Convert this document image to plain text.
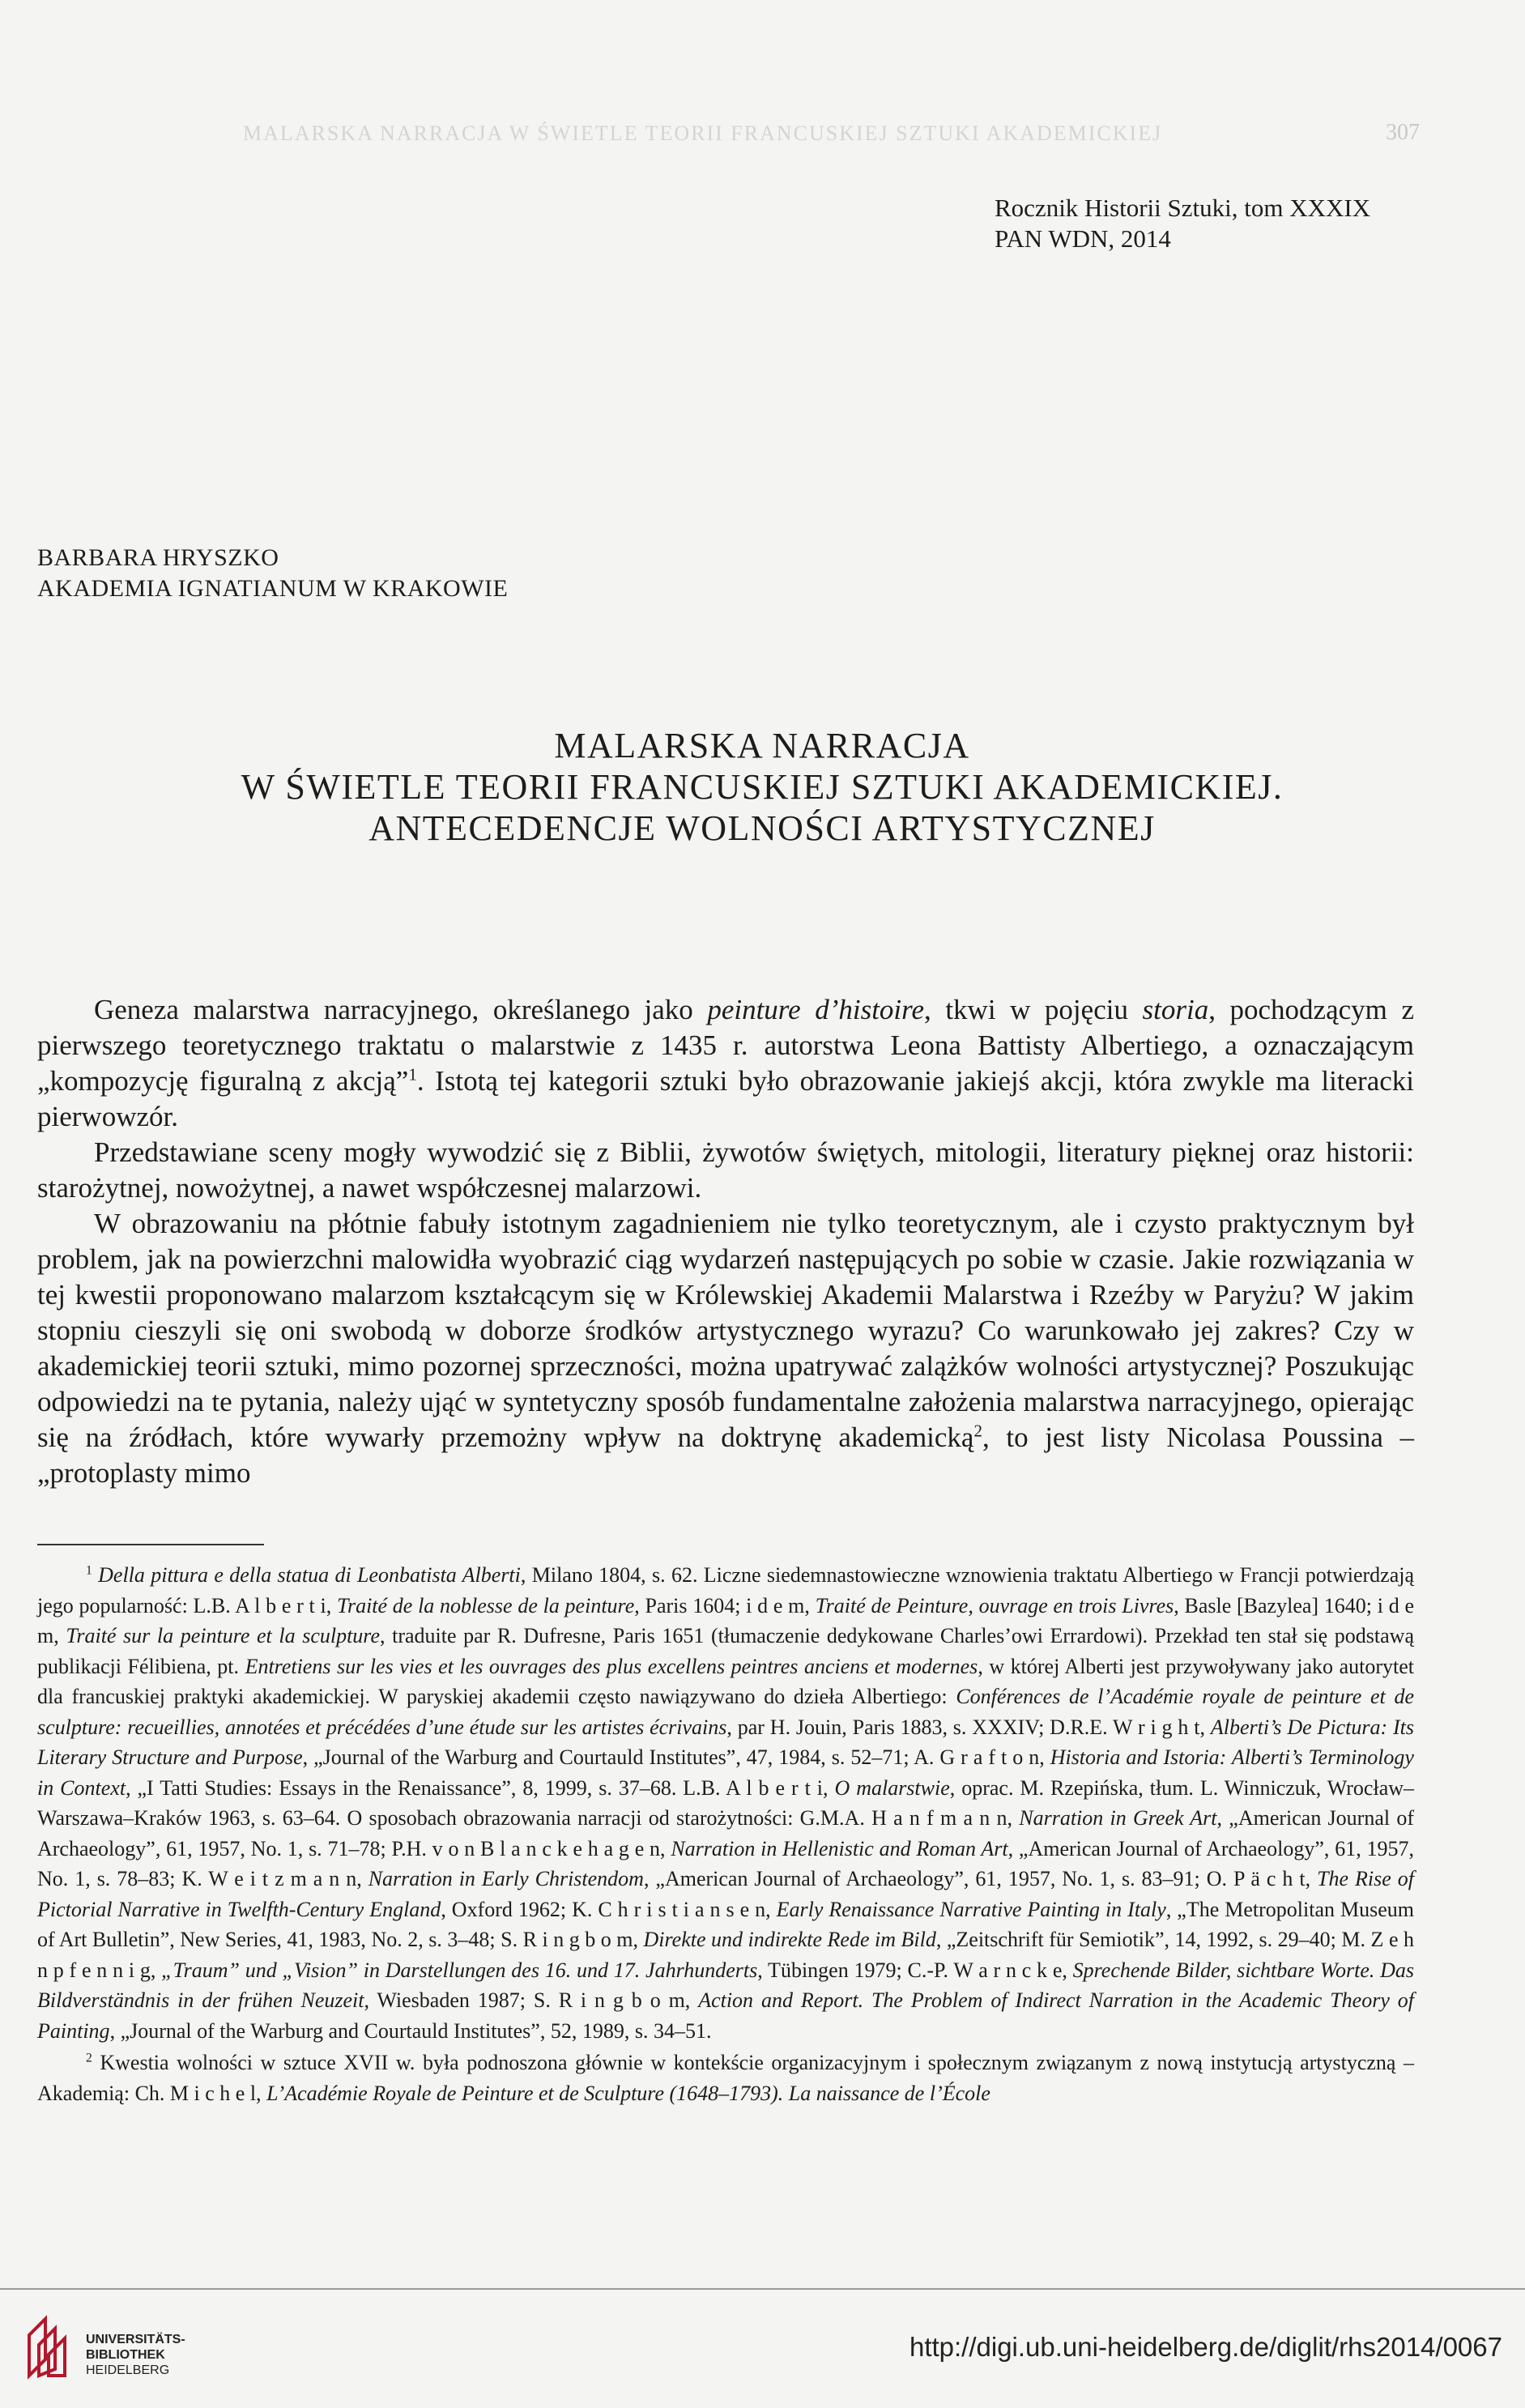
MALARSKA NARRACJA W ŚWIETLE TEORII FRANCUSKIEJ SZTUKI AKADEMICKIEJ	307
Rocznik Historii Sztuki, tom XXXIX
PAN WDN, 2014
BARBARA HRYSZKO
AKADEMIA IGNATIANUM W KRAKOWIE
MALARSKA NARRACJA
W ŚWIETLE TEORII FRANCUSKIEJ SZTUKI AKADEMICKIEJ.
ANTECEDENCJE WOLNOŚCI ARTYSTYCZNEJ

Geneza malarstwa narracyjnego, określanego jako peinture d’histoire, tkwi w pojęciu storia, pochodzącym z pierwszego teoretycznego traktatu o malarstwie z 1435 r. autorstwa Leona Battisty Albertiego, a oznaczającym „kompozycję figuralną z akcją”$^1$. Istotą tej kategorii sztuki było obrazowanie jakiejś akcji, która zwykle ma literacki pierwowzór.

Przedstawiane sceny mogły wywodzić się z Biblii, żywotów świętych, mitologii, literatury pięknej oraz historii: starożytnej, nowożytnej, a nawet współczesnej malarzowi.

W obrazowaniu na płótnie fabuły istotnym zagadnieniem nie tylko teoretycznym, ale i czysto praktycznym był problem, jak na powierzchni malowidła wyobrazić ciąg wydarzeń następujących po sobie w czasie. Jakie rozwiązania w tej kwestii proponowano malarzom kształcącym się w Królewskiej Akademii Malarstwa i Rzeźby w Paryżu? W jakim stopniu cieszyli się oni swobodą w doborze środków artystycznego wyrazu? Co warunkowało jej zakres? Czy w akademickiej teorii sztuki, mimo pozornej sprzeczności, można upatrywać zalążków wolności artystycznej? Poszukując odpowiedzi na te pytania, należy ująć w syntetyczny sposób fundamentalne założenia malarstwa narracyjnego, opierając się na źródłach, które wywarły przemożny wpływ na doktrynę akademicką$^2$, to jest listy Nicolasa Poussina – „protoplasty mimo

$^1$ Della pittura e della statua di Leonbatista Alberti, Milano 1804, s. 62. Liczne siedemnastowieczne wznowienia traktatu Albertiego w Francji potwierdzają jego popularność: L.B. A l b e r t i, Traité de la noblesse de la peinture, Paris 1604; i d e m, Traité de Peinture, ouvrage en trois Livres, Basle [Bazylea] 1640; i d e m, Traité sur la peinture et la sculpture, traduite par R. Dufresne, Paris 1651 (tłumaczenie dedykowane Charles’owi Errardowi). Przekład ten stał się podstawą publikacji Félibiena, pt. Entretiens sur les vies et les ouvrages des plus excellens peintres anciens et modernes, w której Alberti jest przywoływany jako autorytet dla francuskiej praktyki akademickiej. W paryskiej akademii często nawiązywano do dzieła Albertiego: Conférences de l’Académie royale de peinture et de sculpture: recueillies, annotées et précédées d’une étude sur les artistes écrivains, par H. Jouin, Paris 1883, s. XXXIV; D.R.E. W r i g h t, Alberti’s De Pictura: Its Literary Structure and Purpose, „Journal of the Warburg and Courtauld Institutes”, 47, 1984, s. 52–71; A. G r a f t o n, Historia and Istoria: Alberti’s Terminology in Context, „I Tatti Studies: Essays in the Renaissance”, 8, 1999, s. 37–68. L.B. A l b e r t i, O malarstwie, oprac. M. Rzepińska, tłum. L. Winniczuk, Wrocław–Warszawa–Kraków 1963, s. 63–64. O sposobach obrazowania narracji od starożytności: G.M.A. H a n f m a n n, Narration in Greek Art, „American Journal of Archaeology”, 61, 1957, No. 1, s. 71–78; P.H. v o n B l a n c k e h a g e n, Narration in Hellenistic and Roman Art, „American Journal of Archaeology”, 61, 1957, No. 1, s. 78–83; K. W e i t z m a n n, Narration in Early Christendom, „American Journal of Archaeology”, 61, 1957, No. 1, s. 83–91; O. P ä c h t, The Rise of Pictorial Narrative in Twelfth-Century England, Oxford 1962; K. C h r i s t i a n s e n, Early Renaissance Narrative Painting in Italy, „The Metropolitan Museum of Art Bulletin”, New Series, 41, 1983, No. 2, s. 3–48; S. R i n g b o m, Direkte und indirekte Rede im Bild, „Zeitschrift für Semiotik”, 14, 1992, s. 29–40; M. Z e h n p f e n n i g, „Traum” und „Vision” in Darstellungen des 16. und 17. Jahrhunderts, Tübingen 1979; C.-P. W a r n c k e, Sprechende Bilder, sichtbare Worte. Das Bildverständnis in der frühen Neuzeit, Wiesbaden 1987; S. R i n g b o m, Action and Report. The Problem of Indirect Narration in the Academic Theory of Painting, „Journal of the Warburg and Courtauld Institutes”, 52, 1989, s. 34–51.

$^2$ Kwestia wolności w sztuce XVII w. była podnoszona głównie w kontekście organizacyjnym i społecznym związanym z nową instytucją artystyczną – Akademią: Ch. M i c h e l, L’Académie Royale de Peinture et de Sculpture (1648–1793). La naissance de l’École

UNIVERSITÄTS-
BIBLIOTHEK
HEIDELBERG
http://digi.ub.uni-heidelberg.de/diglit/rhs2014/0067
